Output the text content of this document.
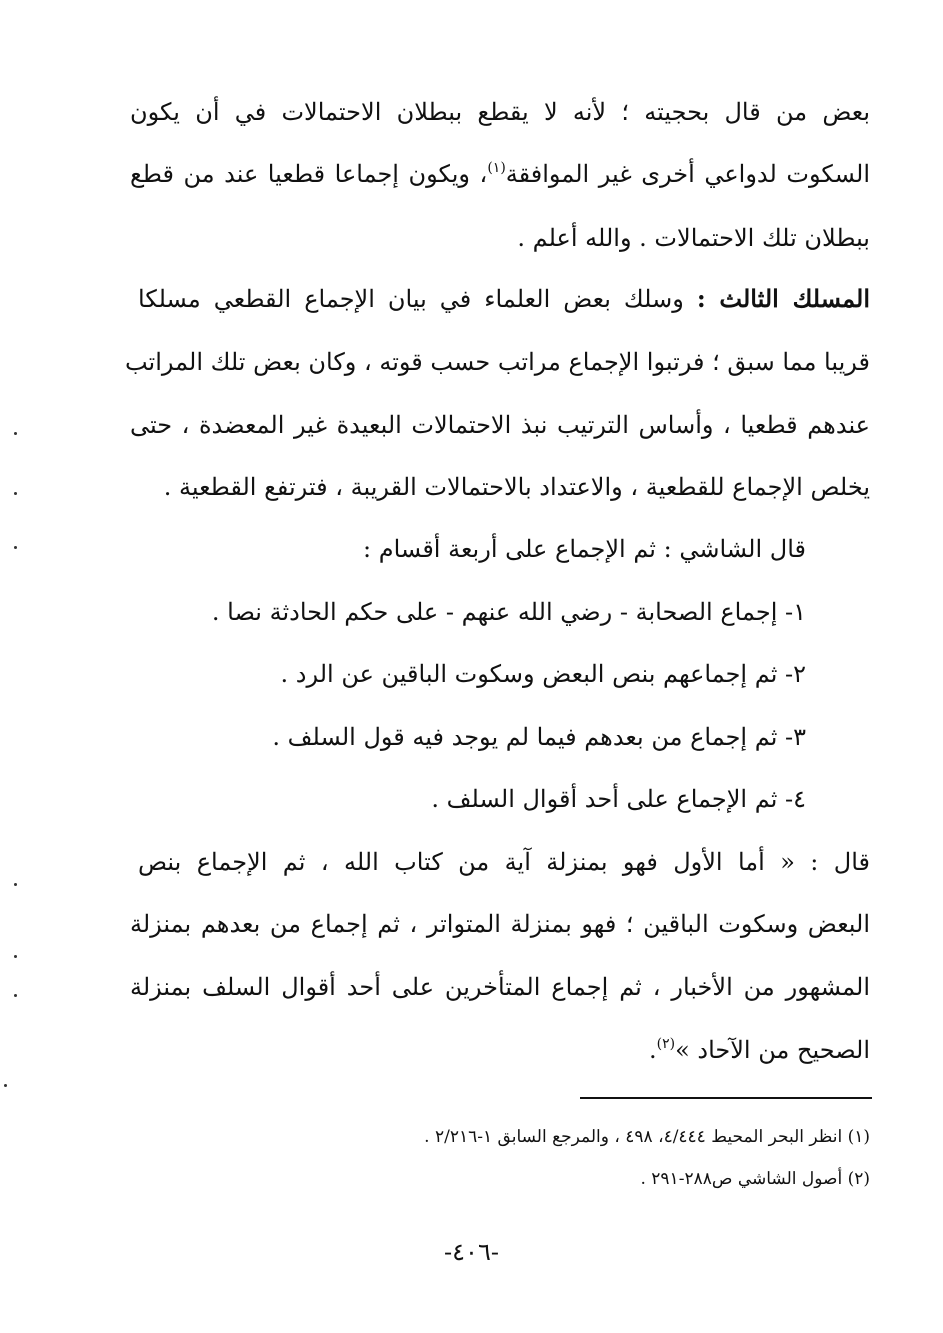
بعض من قال بحجيته ؛ لأنه لا يقطع ببطلان الاحتمالات في أن يكون
السكوت لدواعي أخرى غير الموافقة$^{(١)}$، ويكون إجماعا قطعيا عند من قطع
ببطلان تلك الاحتمالات . والله أعلم .
المسلك الثالث : وسلك بعض العلماء في بيان الإجماع القطعي مسلكا
قريبا مما سبق ؛ فرتبوا الإجماع مراتب حسب قوته ، وكان بعض تلك المراتب
عندهم قطعيا ، وأساس الترتيب نبذ الاحتمالات البعيدة غير المعضدة ، حتى
يخلص الإجماع للقطعية ، والاعتداد بالاحتمالات القريبة ، فترتفع القطعية .
قال الشاشي : ثم الإجماع على أربعة أقسام :
١- إجماع الصحابة - رضي الله عنهم - على حكم الحادثة نصا .
٢- ثم إجماعهم بنص البعض وسكوت الباقين عن الرد .
٣- ثم إجماع من بعدهم فيما لم يوجد فيه قول السلف .
٤- ثم الإجماع على أحد أقوال السلف .
قال : « أما الأول فهو بمنزلة آية من كتاب الله ، ثم الإجماع بنص
البعض وسكوت الباقين ؛ فهو بمنزلة المتواتر ، ثم إجماع من بعدهم بمنزلة
المشهور من الأخبار ، ثم إجماع المتأخرين على أحد أقوال السلف بمنزلة
الصحيح من الآحاد »$^{(٢)}$.
(١) انظر البحر المحيط ٤/٤٤٤، ٤٩٨ ، والمرجع السابق ١-٢/٢١٦ .
(٢) أصول الشاشي ص٢٨٨-٢٩١ .
-٤٠٦-
